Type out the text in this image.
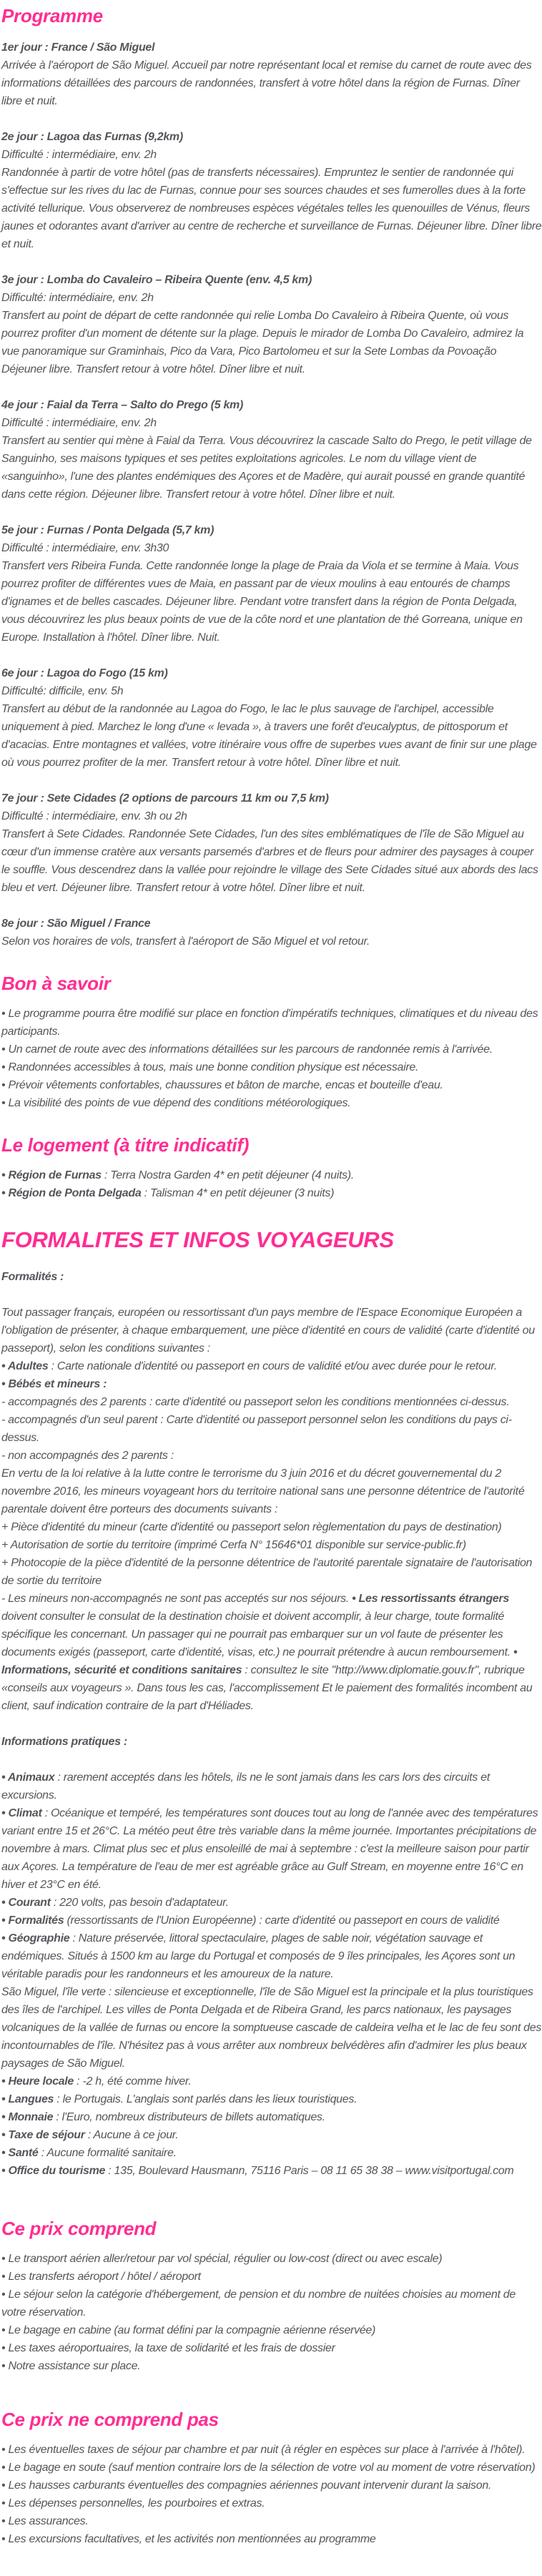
Programme
1er jour : France / São Miguel
Arrivée à l'aéroport de São Miguel. Accueil par notre représentant local et remise du carnet de route avec des informations détaillées des parcours de randonnées, transfert à votre hôtel dans la région de Furnas. Dîner libre et nuit.
2e jour : Lagoa das Furnas (9,2km)
Difficulté : intermédiaire, env. 2h
Randonnée à partir de votre hôtel (pas de transferts nécessaires). Empruntez le sentier de randonnée qui s'effectue sur les rives du lac de Furnas, connue pour ses sources chaudes et ses fumerolles dues à la forte activité tellurique. Vous observerez de nombreuses espèces végétales telles les quenouilles de Vénus, fleurs jaunes et odorantes avant d'arriver au centre de recherche et surveillance de Furnas. Déjeuner libre. Dîner libre et nuit.
3e jour : Lomba do Cavaleiro – Ribeira Quente (env. 4,5 km)
Difficulté: intermédiaire, env. 2h
Transfert au point de départ de cette randonnée qui relie Lomba Do Cavaleiro à Ribeira Quente, où vous pourrez profiter d'un moment de détente sur la plage. Depuis le mirador de Lomba Do Cavaleiro, admirez la vue panoramique sur Graminhais, Pico da Vara, Pico Bartolomeu et sur la Sete Lombas da Povoação Déjeuner libre. Transfert retour à votre hôtel. Dîner libre et nuit.
4e jour : Faial da Terra – Salto do Prego (5 km)
Difficulté : intermédiaire, env. 2h
Transfert au sentier qui mène à Faial da Terra. Vous découvrirez la cascade Salto do Prego, le petit village de Sanguinho, ses maisons typiques et ses petites exploitations agricoles. Le nom du village vient de «sanguinho», l'une des plantes endémiques des Açores et de Madère, qui aurait poussé en grande quantité dans cette région. Déjeuner libre. Transfert retour à votre hôtel. Dîner libre et nuit.
5e jour : Furnas / Ponta Delgada (5,7 km)
Difficulté : intermédiaire, env. 3h30
Transfert vers Ribeira Funda. Cette randonnée longe la plage de Praia da Viola et se termine à Maia. Vous pourrez profiter de différentes vues de Maia, en passant par de vieux moulins à eau entourés de champs d'ignames et de belles cascades. Déjeuner libre. Pendant votre transfert dans la région de Ponta Delgada, vous découvrirez les plus beaux points de vue de la côte nord et une plantation de thé Gorreana, unique en Europe. Installation à l'hôtel. Dîner libre. Nuit.
6e jour : Lagoa do Fogo (15 km)
Difficulté: difficile, env. 5h
Transfert au début de la randonnée au Lagoa do Fogo, le lac le plus sauvage de l'archipel, accessible uniquement à pied. Marchez le long d'une « levada », à travers une forêt d'eucalyptus, de pittosporum et d'acacias. Entre montagnes et vallées, votre itinéraire vous offre de superbes vues avant de finir sur une plage où vous pourrez profiter de la mer. Transfert retour à votre hôtel. Dîner libre et nuit.
7e jour : Sete Cidades (2 options de parcours 11 km ou 7,5 km)
Difficulté : intermédiaire, env. 3h ou 2h
Transfert à Sete Cidades. Randonnée Sete Cidades, l'un des sites emblématiques de l'île de São Miguel au cœur d'un immense cratère aux versants parsemés d'arbres et de fleurs pour admirer des paysages à couper le souffle. Vous descendrez dans la vallée pour rejoindre le village des Sete Cidades situé aux abords des lacs bleu et vert. Déjeuner libre. Transfert retour à votre hôtel. Dîner libre et nuit.
8e jour : São Miguel / France
Selon vos horaires de vols, transfert à l'aéroport de São Miguel et vol retour.
Bon à savoir
• Le programme pourra être modifié sur place en fonction d'impératifs techniques, climatiques et du niveau des participants.
• Un carnet de route avec des informations détaillées sur les parcours de randonnée remis à l'arrivée.
• Randonnées accessibles à tous, mais une bonne condition physique est nécessaire.
• Prévoir vêtements confortables, chaussures et bâton de marche, encas et bouteille d'eau.
• La visibilité des points de vue dépend des conditions météorologiques.
Le logement (à titre indicatif)
• Région de Furnas : Terra Nostra Garden 4* en petit déjeuner (4 nuits).
• Région de Ponta Delgada : Talisman 4* en petit déjeuner (3 nuits)
FORMALITES ET INFOS VOYAGEURS
Formalités :
Tout passager français, européen ou ressortissant d'un pays membre de l'Espace Economique Européen a l'obligation de présenter, à chaque embarquement, une pièce d'identité en cours de validité (carte d'identité ou passeport), selon les conditions suivantes :
• Adultes : Carte nationale d'identité ou passeport en cours de validité et/ou avec durée pour le retour.
• Bébés et mineurs :
- accompagnés des 2 parents : carte d'identité ou passeport selon les conditions mentionnées ci-dessus.
- accompagnés d'un seul parent : Carte d'identité ou passeport personnel selon les conditions du pays ci-dessus.
- non accompagnés des 2 parents :
En vertu de la loi relative à la lutte contre le terrorisme du 3 juin 2016 et du décret gouvernemental du 2 novembre 2016, les mineurs voyageant hors du territoire national sans une personne détentrice de l'autorité parentale doivent être porteurs des documents suivants :
+ Pièce d'identité du mineur (carte d'identité ou passeport selon règlementation du pays de destination)
+ Autorisation de sortie du territoire (imprimé Cerfa N° 15646*01 disponible sur service-public.fr)
+ Photocopie de la pièce d'identité de la personne détentrice de l'autorité parentale signataire de l'autorisation de sortie du territoire
- Les mineurs non-accompagnés ne sont pas acceptés sur nos séjours. • Les ressortissants étrangers doivent consulter le consulat de la destination choisie et doivent accomplir, à leur charge, toute formalité spécifique les concernant. Un passager qui ne pourrait pas embarquer sur un vol faute de présenter les documents exigés (passeport, carte d'identité, visas, etc.) ne pourrait prétendre à aucun remboursement. • Informations, sécurité et conditions sanitaires : consultez le site "http://www.diplomatie.gouv.fr", rubrique «conseils aux voyageurs ». Dans tous les cas, l'accomplissement Et le paiement des formalités incombent au client, sauf indication contraire de la part d'Héliades.
Informations pratiques :
• Animaux : rarement acceptés dans les hôtels, ils ne le sont jamais dans les cars lors des circuits et excursions.
• Climat : Océanique et tempéré, les températures sont douces tout au long de l'année avec des températures variant entre 15 et 26°C. La météo peut être très variable dans la même journée. Importantes précipitations de novembre à mars. Climat plus sec et plus ensoleillé de mai à septembre : c'est la meilleure saison pour partir aux Açores. La température de l'eau de mer est agréable grâce au Gulf Stream, en moyenne entre 16°C en hiver et 23°C en été.
• Courant : 220 volts, pas besoin d'adaptateur.
• Formalités (ressortissants de l'Union Européenne) : carte d'identité ou passeport en cours de validité
• Géographie : Nature préservée, littoral spectaculaire, plages de sable noir, végétation sauvage et endémiques. Situés à 1500 km au large du Portugal et composés de 9 îles principales, les Açores sont un véritable paradis pour les randonneurs et les amoureux de la nature.
São Miguel, l'île verte : silencieuse et exceptionnelle, l'île de São Miguel est la principale et la plus touristiques des îles de l'archipel. Les villes de Ponta Delgada et de Ribeira Grand, les parcs nationaux, les paysages volcaniques de la vallée de furnas ou encore la somptueuse cascade de caldeira velha et le lac de feu sont des incontournables de l'île. N'hésitez pas à vous arrêter aux nombreux belvédères afin d'admirer les plus beaux paysages de São Miguel.
• Heure locale : -2 h, été comme hiver.
• Langues : le Portugais. L'anglais sont parlés dans les lieux touristiques.
• Monnaie : l'Euro, nombreux distributeurs de billets automatiques.
• Taxe de séjour : Aucune à ce jour.
• Santé : Aucune formalité sanitaire.
• Office du tourisme : 135, Boulevard Hausmann, 75116 Paris – 08 11 65 38 38 – www.visitportugal.com
Ce prix comprend
• Le transport aérien aller/retour par vol spécial, régulier ou low-cost (direct ou avec escale)
• Les transferts aéroport / hôtel / aéroport
• Le séjour selon la catégorie d'hébergement, de pension et du nombre de nuitées choisies au moment de votre réservation.
• Le bagage en cabine (au format défini par la compagnie aérienne réservée)
• Les taxes aéroportuaires, la taxe de solidarité et les frais de dossier
• Notre assistance sur place.
Ce prix ne comprend pas
• Les éventuelles taxes de séjour par chambre et par nuit (à régler en espèces sur place à l'arrivée à l'hôtel).
• Le bagage en soute (sauf mention contraire lors de la sélection de votre vol au moment de votre réservation)
• Les hausses carburants éventuelles des compagnies aériennes pouvant intervenir durant la saison.
• Les dépenses personnelles, les pourboires et extras.
• Les assurances.
• Les excursions facultatives, et les activités non mentionnées au programme
